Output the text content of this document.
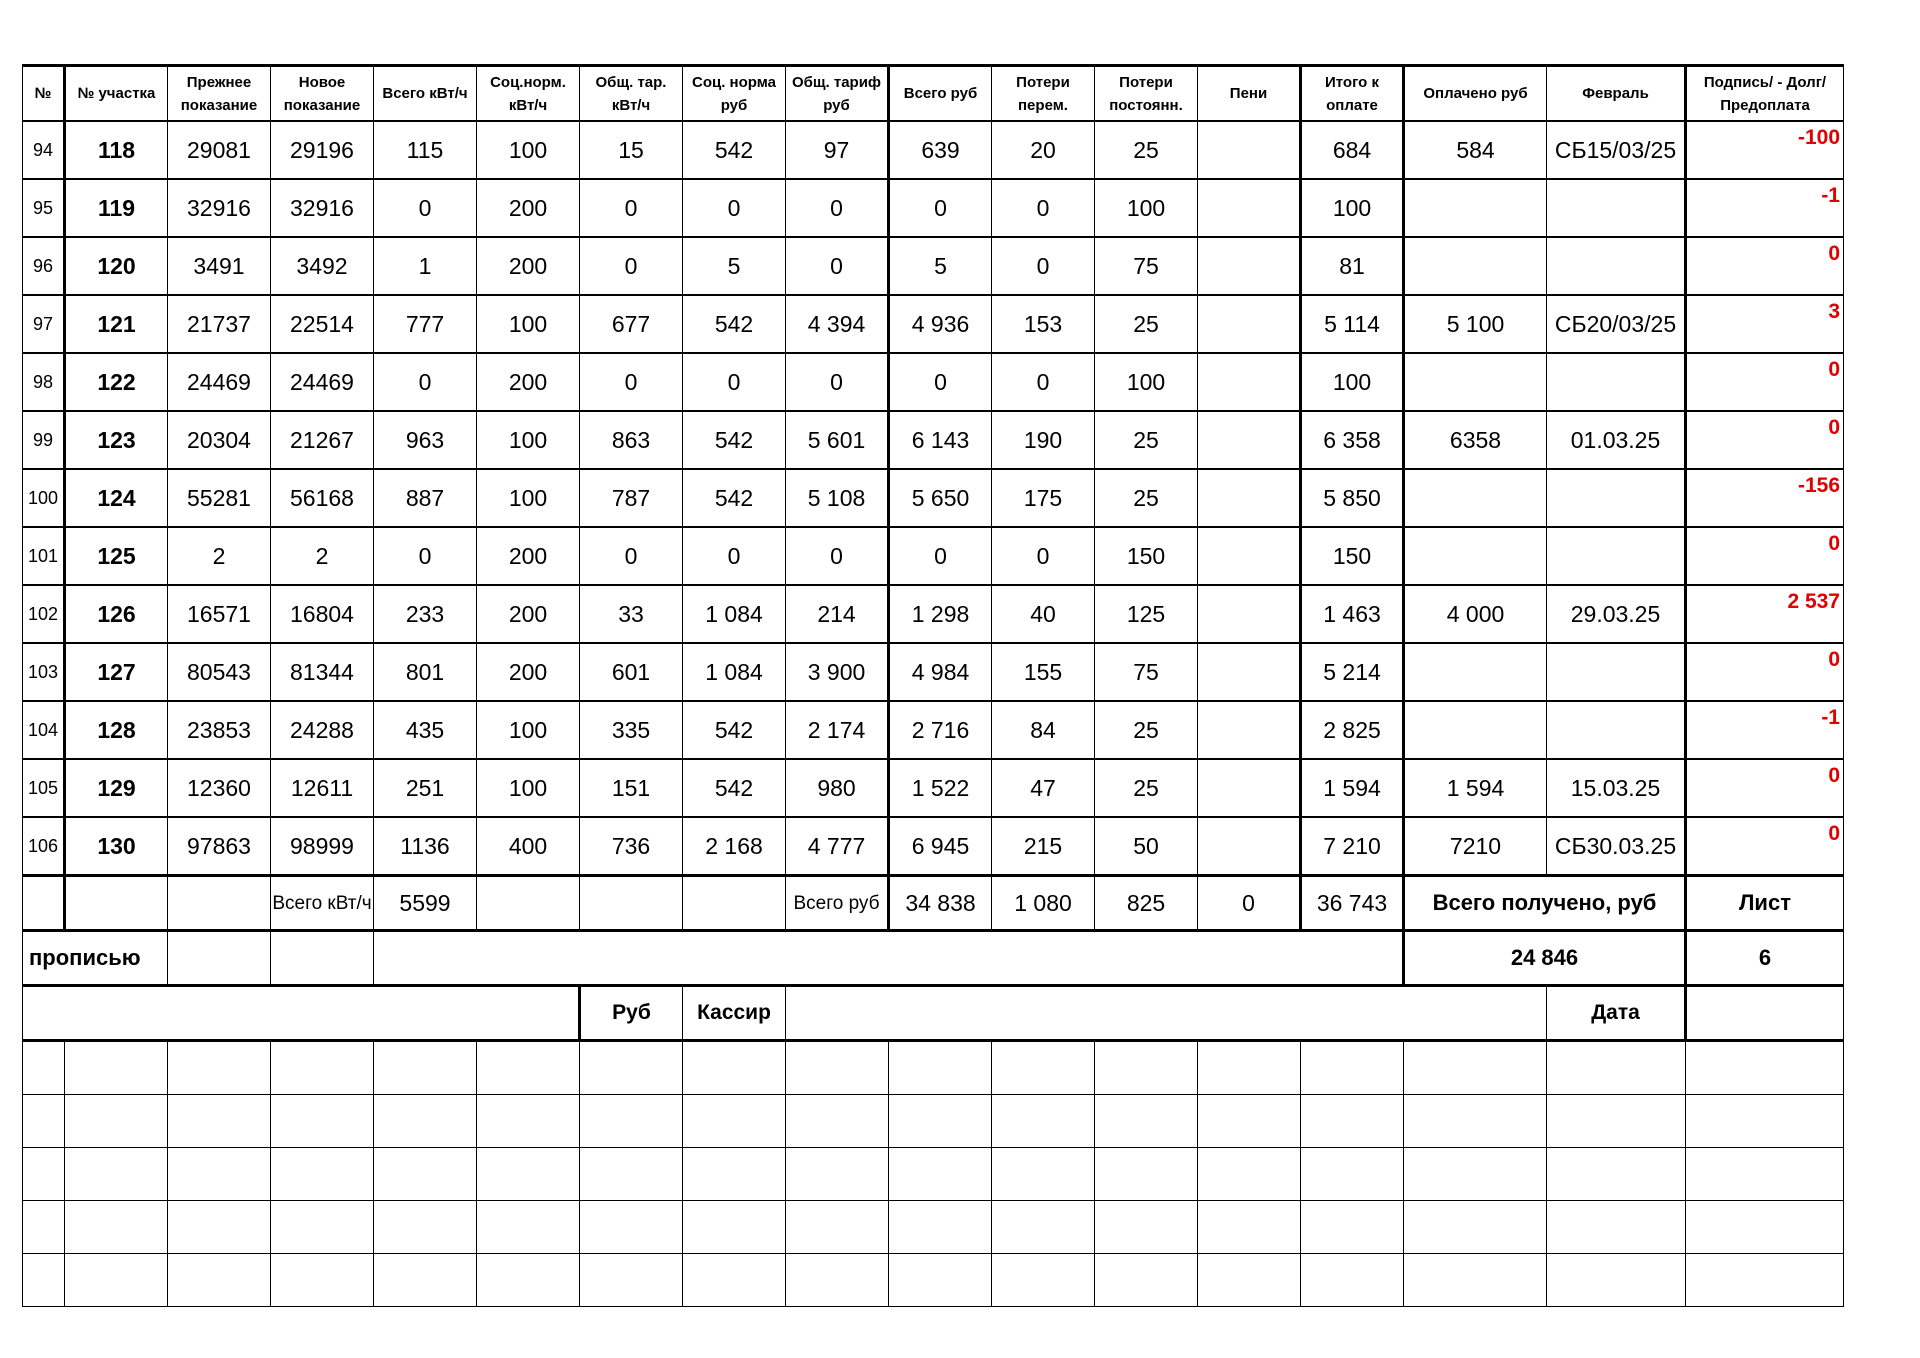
№	№ участка	Прежнее показание	Новое показание	Всего кВт/ч	Соц.норм. кВт/ч	Общ. тар. кВт/ч	Соц. норма руб	Общ. тариф руб	Всего руб	Потери перем.	Потери постоянн.	Пени	Итого к оплате	Оплачено руб	Февраль	Подпись/ - Долг/Предоплата
94	118	29081	29196	115	100	15	542	97	639	20	25		684	584	СБ15/03/25	-100
95	119	32916	32916	0	200	0	0	0	0	0	100		100			-1
96	120	3491	3492	1	200	0	5	0	5	0	75		81			0
97	121	21737	22514	777	100	677	542	4 394	4 936	153	25		5 114	5 100	СБ20/03/25	3
98	122	24469	24469	0	200	0	0	0	0	0	100		100			0
99	123	20304	21267	963	100	863	542	5 601	6 143	190	25		6 358	6358	01.03.25	0
100	124	55281	56168	887	100	787	542	5 108	5 650	175	25		5 850			-156
101	125	2	2	0	200	0	0	0	0	0	150		150			0
102	126	16571	16804	233	200	33	1 084	214	1 298	40	125		1 463	4 000	29.03.25	2 537
103	127	80543	81344	801	200	601	1 084	3 900	4 984	155	75		5 214			0
104	128	23853	24288	435	100	335	542	2 174	2 716	84	25		2 825			-1
105	129	12360	12611	251	100	151	542	980	1 522	47	25		1 594	1 594	15.03.25	0
106	130	97863	98999	1136	400	736	2 168	4 777	6 945	215	50		7 210	7210	СБ30.03.25	0
			Всего кВт/ч	5599				Всего руб	34 838	1 080	825	0	36 743	Всего получено, руб		Лист
прописью														24 846		6
						Руб	Кассир								Дата	
